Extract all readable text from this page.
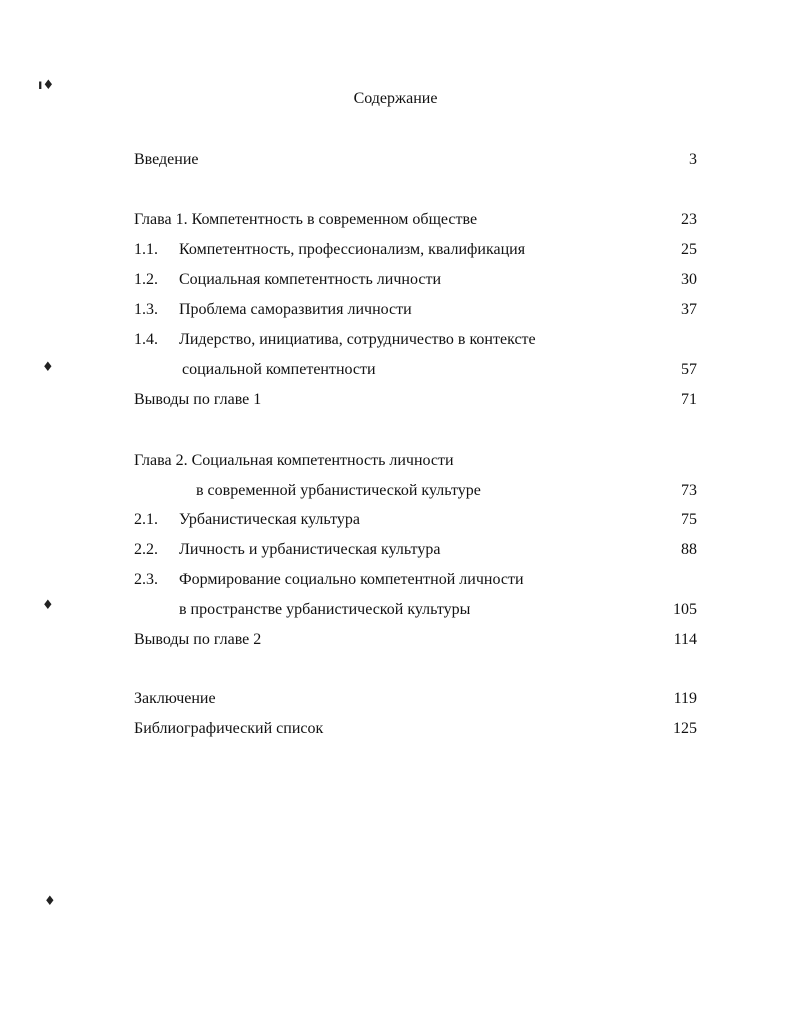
ı♦
♦
♦
♦
Содержание
Введение	3
Глава 1. Компетентность в современном обществе	23
1.1.	Компетентность, профессионализм, квалификация	25
1.2.	Социальная компетентность личности	30
1.3.	Проблема саморазвития личности	37
1.4.	Лидерство, инициатива, сотрудничество в контексте
социальной компетентности	57
Выводы по главе 1	71
Глава 2. Социальная компетентность личности
в современной урбанистической культуре	73
2.1.	Урбанистическая культура	75
2.2.	Личность и урбанистическая культура	88
2.3.	Формирование социально компетентной личности
в пространстве урбанистической культуры	105
Выводы по главе 2	114
Заключение	119
Библиографический список	125
